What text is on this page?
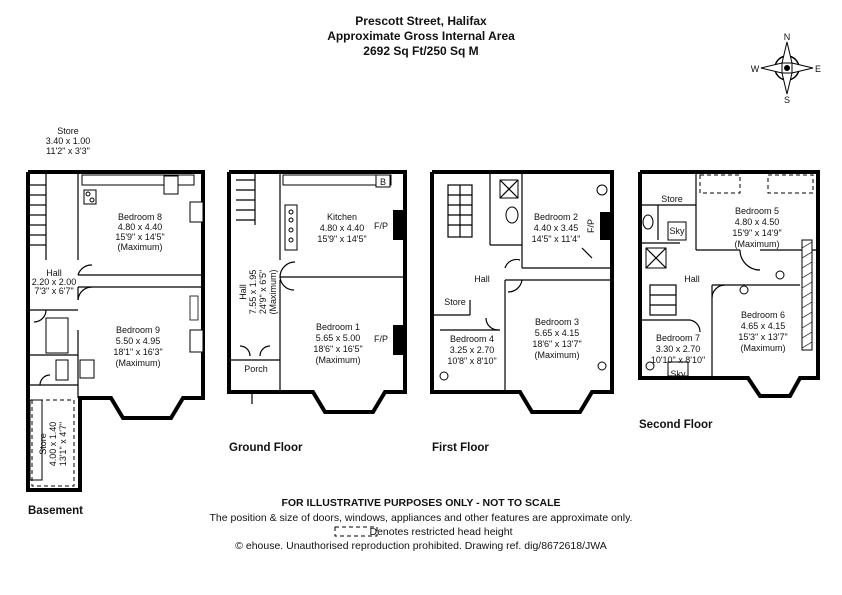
Prescott Street, Halifax
Approximate Gross Internal Area
2692 Sq Ft/250 Sq M
N
S
E
W
Store
3.40 x 1.00
11'2" x 3'3"
Bedroom 8
4.80 x 4.40
15'9" x 14'5"
(Maximum)
Hall
2.20 x 2.00
7'3" x 6'7"
Bedroom 9
5.50 x 4.95
18'1" x 16'3"
(Maximum)
Store 4.00 x 1.40 13'1" x 4'7"
Basement
B
Kitchen
4.80 x 4.40
15'9" x 14'5"
F/P
Hall 7.55 x 1.95 24'9" x 6'5" (Maximum)
Bedroom 1
5.65 x 5.00
18'6" x 16'5"
(Maximum)
F/P
Porch
Ground Floor
Bedroom 2
4.40 x 3.45
14'5" x 11'4"
F/P
Hall
Store
Bedroom 3
5.65 x 4.15
18'6" x 13'7"
(Maximum)
Bedroom 4
3.25 x 2.70
10'8" x 8'10"
First Floor
Store
Sky
Sky
Bedroom 5
4.80 x 4.50
15'9" x 14'9"
(Maximum)
Hall
Bedroom 6
4.65 x 4.15
15'3" x 13'7"
(Maximum)
Bedroom 7
3.30 x 2.70
10'10" x 8'10"
Second Floor
FOR ILLUSTRATIVE PURPOSES ONLY - NOT TO SCALE
The position & size of doors, windows, appliances and other features are approximate only.
Denotes restricted head height
© ehouse. Unauthorised reproduction prohibited. Drawing ref. dig/8672618/JWA
